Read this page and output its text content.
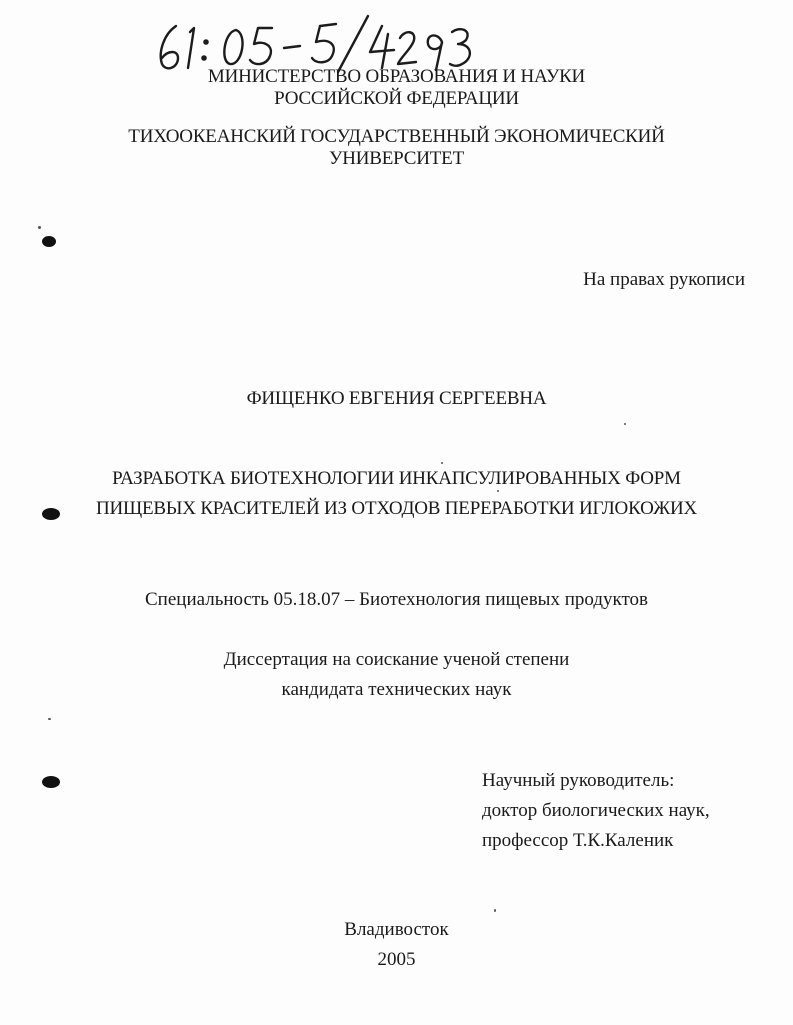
МИНИСТЕРСТВО ОБРАЗОВАНИЯ И НАУКИ
РОССИЙСКОЙ ФЕДЕРАЦИИ
ТИХООКЕАНСКИЙ ГОСУДАРСТВЕННЫЙ ЭКОНОМИЧЕСКИЙ
УНИВЕРСИТЕТ
На правах рукописи
ФИЩЕНКО ЕВГЕНИЯ СЕРГЕЕВНА
РАЗРАБОТКА БИОТЕХНОЛОГИИ ИНКАПСУЛИРОВАННЫХ ФОРМ
ПИЩЕВЫХ КРАСИТЕЛЕЙ ИЗ ОТХОДОВ ПЕРЕРАБОТКИ ИГЛОКОЖИХ
Специальность 05.18.07 – Биотехнология пищевых продуктов
Диссертация на соискание ученой степени
кандидата технических наук
Научный руководитель:
доктор биологических наук,
профессор Т.К.Каленик
Владивосток
2005
